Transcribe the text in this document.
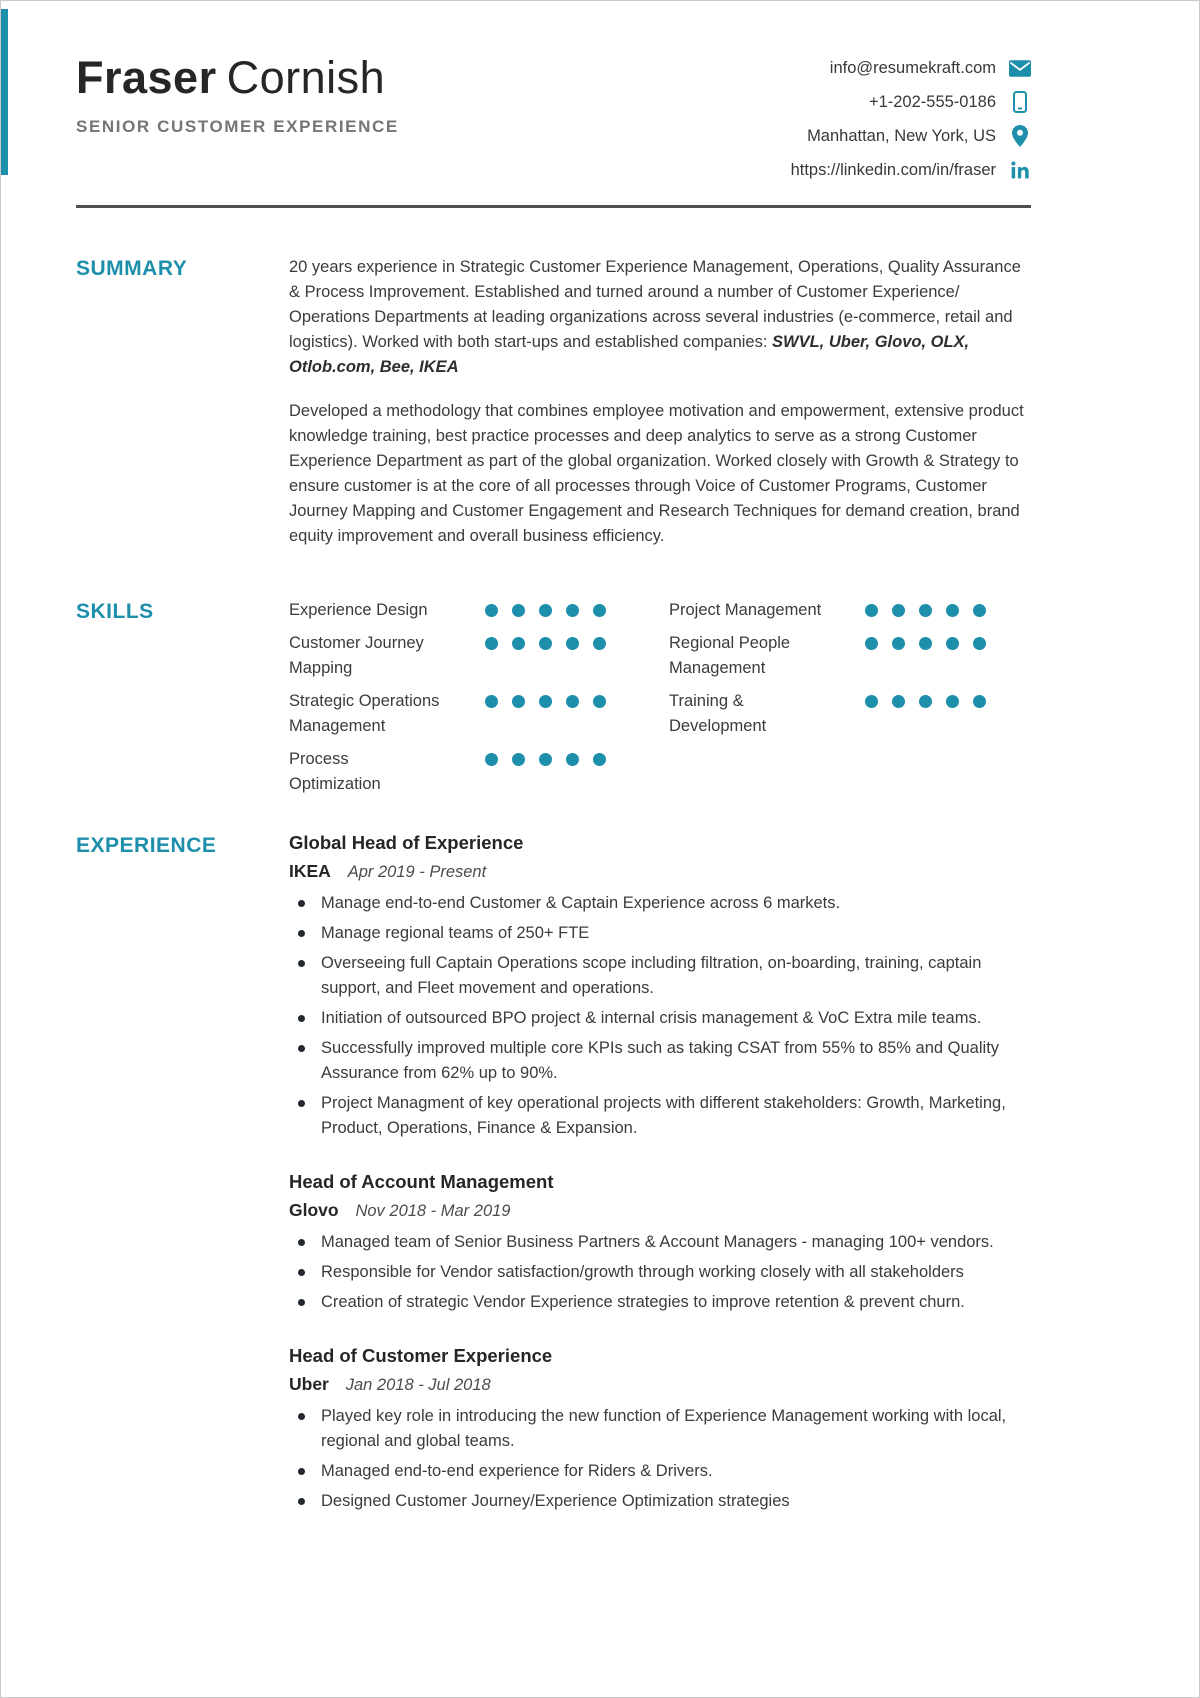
Fraser Cornish
SENIOR CUSTOMER EXPERIENCE
info@resumekraft.com
+1-202-555-0186
Manhattan, New York, US
https://linkedin.com/in/fraser
SUMMARY	20 years experience in Strategic Customer Experience Management, Operations, Quality Assurance & Process Improvement. Established and turned around a number of Customer Experience/ Operations Departments at leading organizations across several industries (e-commerce, retail and logistics). Worked with both start-ups and established companies: SWVL, Uber, Glovo, OLX, Otlob.com, Bee, IKEA

Developed a methodology that combines employee motivation and empowerment, extensive product knowledge training, best practice processes and deep analytics to serve as a strong Customer Experience Department as part of the global organization. Worked closely with Growth & Strategy to ensure customer is at the core of all processes through Voice of Customer Programs, Customer Journey Mapping and Customer Engagement and Research Techniques for demand creation, brand equity improvement and overall business efficiency.

SKILLS	Experience Design
Customer Journey Mapping
Strategic Operations Management
Process Optimization
Project Management
Regional People Management
Training & Development
EXPERIENCE	Global Head of Experience
IKEA Apr 2019 - Present
Manage end-to-end Customer & Captain Experience across 6 markets.
Manage regional teams of 250+ FTE
Overseeing full Captain Operations scope including filtration, on-boarding, training, captain support, and Fleet movement and operations.
Initiation of outsourced BPO project & internal crisis management & VoC Extra mile teams.
Successfully improved multiple core KPIs such as taking CSAT from 55% to 85% and Quality Assurance from 62% up to 90%.
Project Managment of key operational projects with different stakeholders: Growth, Marketing, Product, Operations, Finance & Expansion.
Head of Account Management
Glovo Nov 2018 - Mar 2019
Managed team of Senior Business Partners & Account Managers - managing 100+ vendors.
Responsible for Vendor satisfaction/growth through working closely with all stakeholders
Creation of strategic Vendor Experience strategies to improve retention & prevent churn.
Head of Customer Experience
Uber Jan 2018 - Jul 2018
Played key role in introducing the new function of Experience Management working with local, regional and global teams.
Managed end-to-end experience for Riders & Drivers.
Designed Customer Journey/Experience Optimization strategies
